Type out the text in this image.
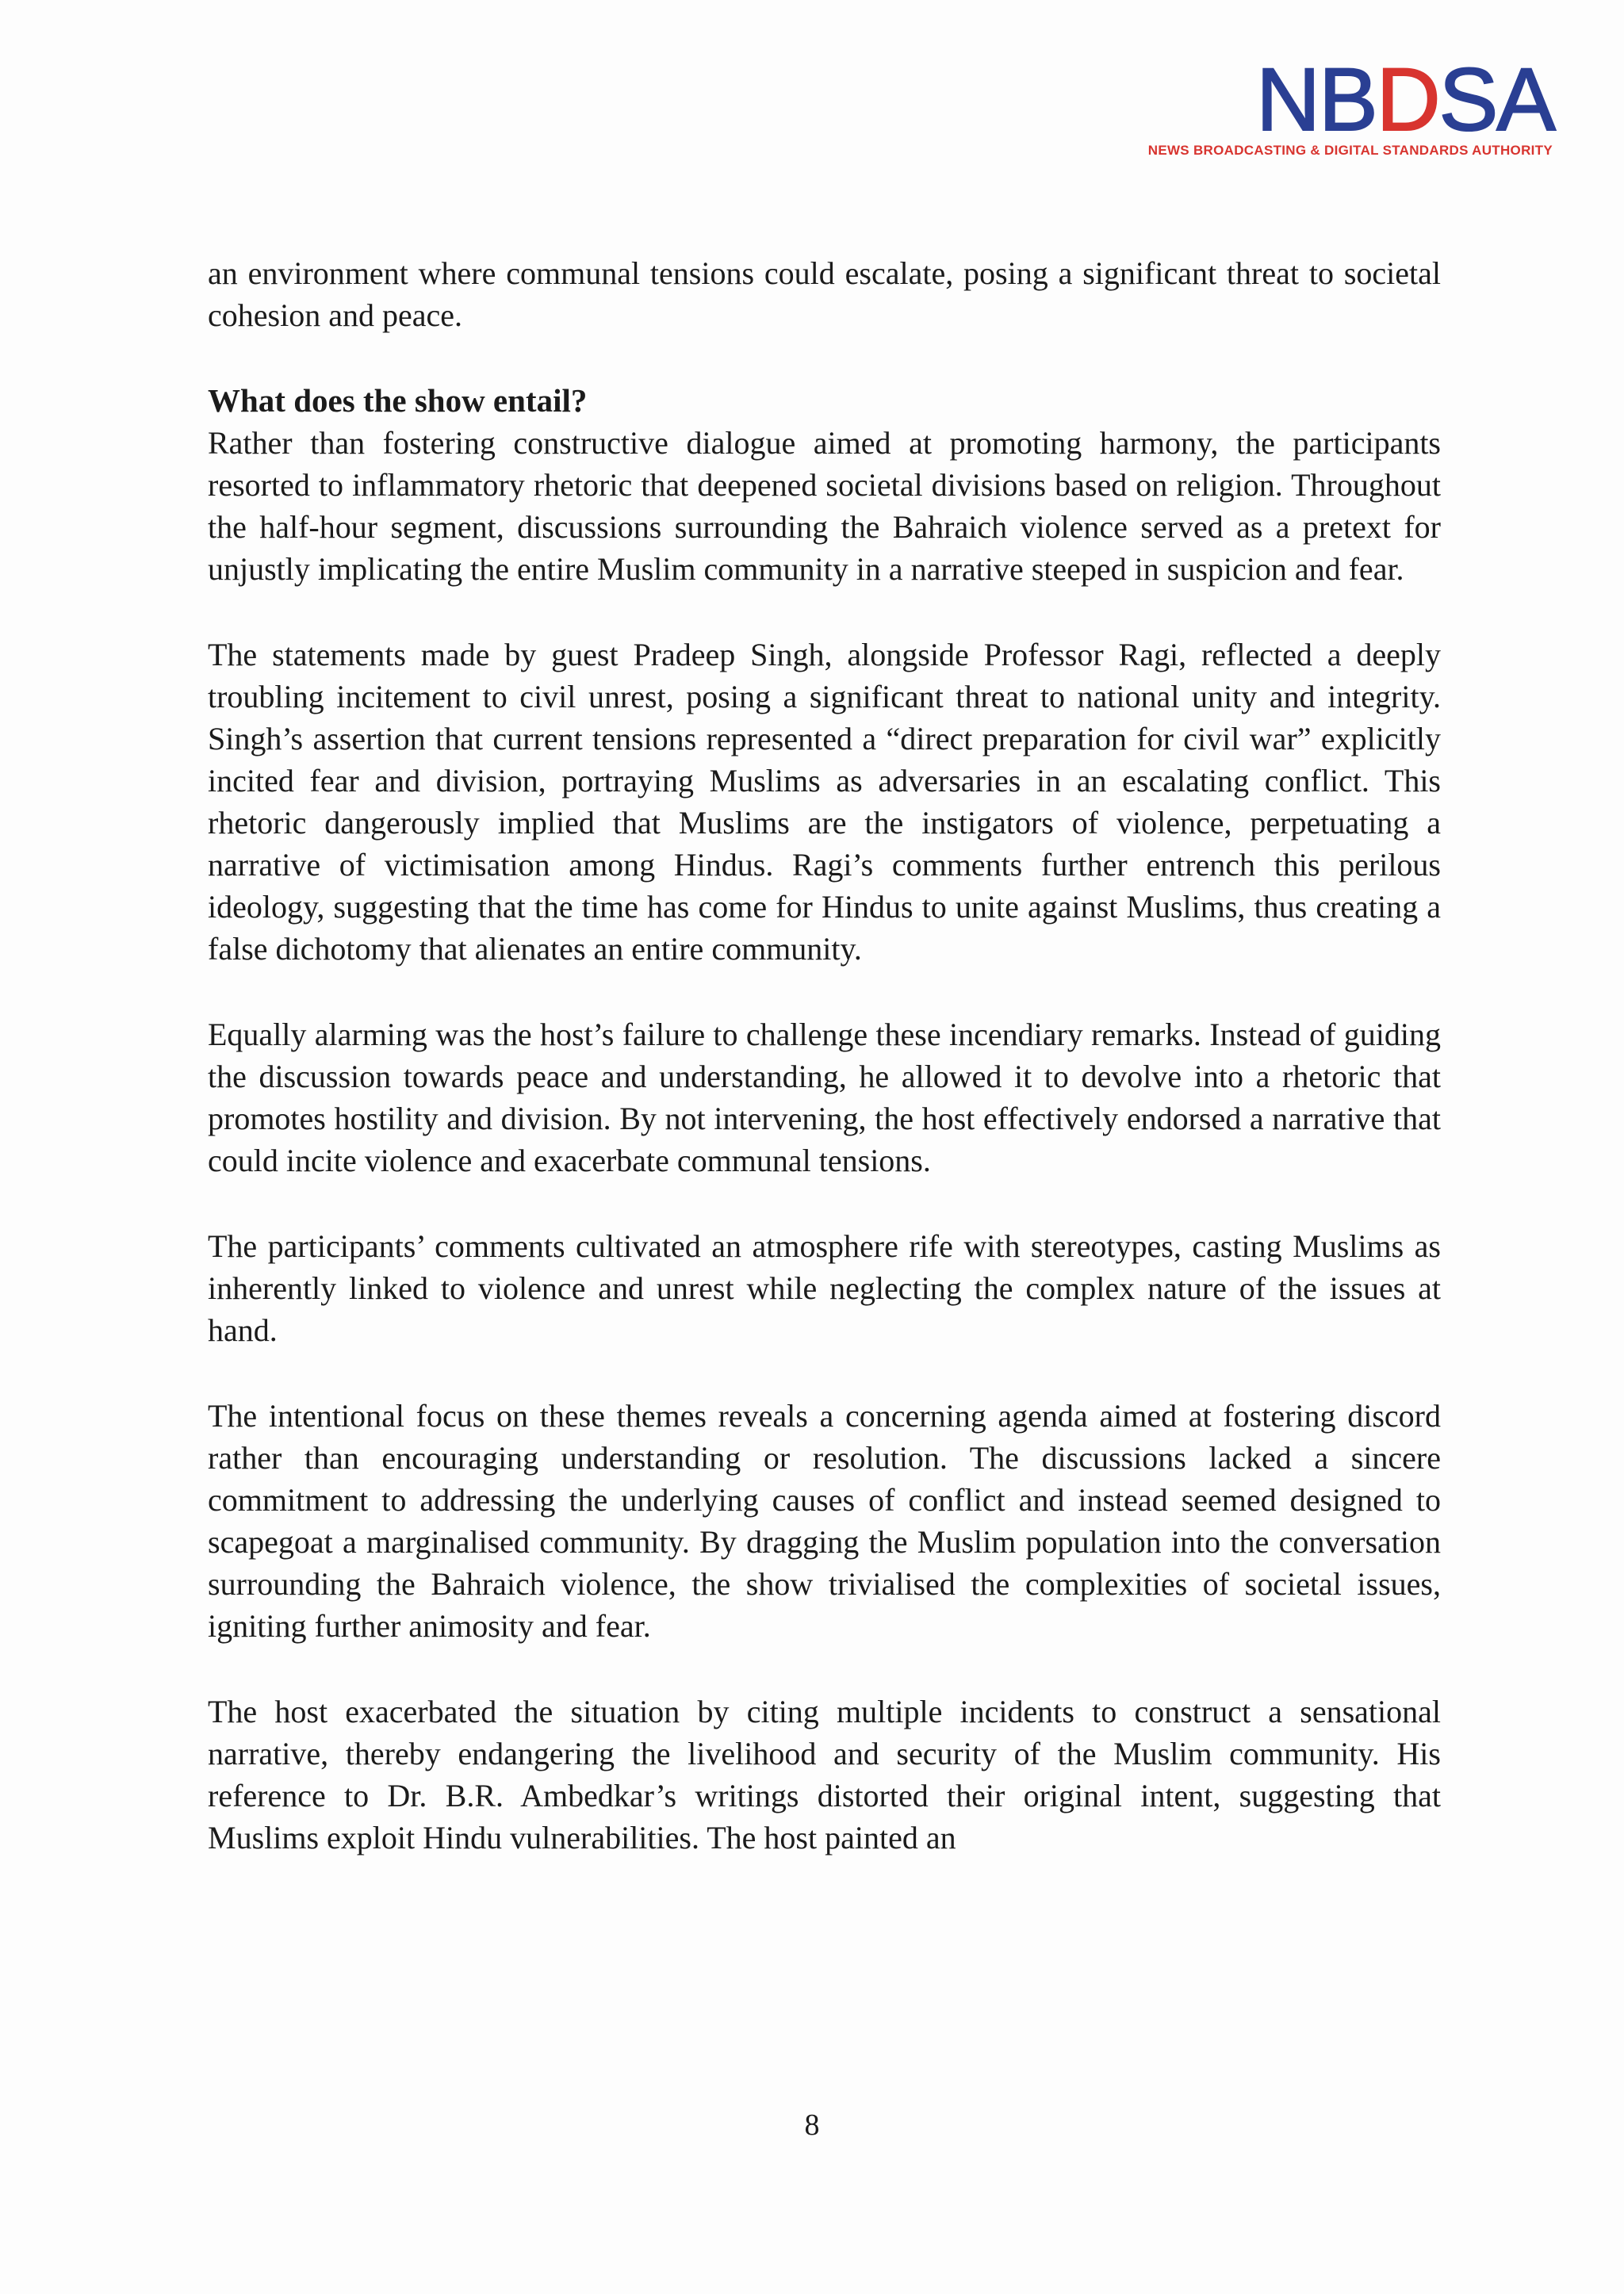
NBDSA
NEWS BROADCASTING & DIGITAL STANDARDS AUTHORITY

an environment where communal tensions could escalate, posing a significant threat to societal cohesion and peace.

What does the show entail?

Rather than fostering constructive dialogue aimed at promoting harmony, the participants resorted to inflammatory rhetoric that deepened societal divisions based on religion. Throughout the half-hour segment, discussions surrounding the Bahraich violence served as a pretext for unjustly implicating the entire Muslim community in a narrative steeped in suspicion and fear.

The statements made by guest Pradeep Singh, alongside Professor Ragi, reflected a deeply troubling incitement to civil unrest, posing a significant threat to national unity and integrity. Singh’s assertion that current tensions represented a “direct preparation for civil war” explicitly incited fear and division, portraying Muslims as adversaries in an escalating conflict. This rhetoric dangerously implied that Muslims are the instigators of violence, perpetuating a narrative of victimisation among Hindus. Ragi’s comments further entrench this perilous ideology, suggesting that the time has come for Hindus to unite against Muslims, thus creating a false dichotomy that alienates an entire community.

Equally alarming was the host’s failure to challenge these incendiary remarks. Instead of guiding the discussion towards peace and understanding, he allowed it to devolve into a rhetoric that promotes hostility and division. By not intervening, the host effectively endorsed a narrative that could incite violence and exacerbate communal tensions.

The participants’ comments cultivated an atmosphere rife with stereotypes, casting Muslims as inherently linked to violence and unrest while neglecting the complex nature of the issues at hand.

The intentional focus on these themes reveals a concerning agenda aimed at fostering discord rather than encouraging understanding or resolution. The discussions lacked a sincere commitment to addressing the underlying causes of conflict and instead seemed designed to scapegoat a marginalised community. By dragging the Muslim population into the conversation surrounding the Bahraich violence, the show trivialised the complexities of societal issues, igniting further animosity and fear.

The host exacerbated the situation by citing multiple incidents to construct a sensational narrative, thereby endangering the livelihood and security of the Muslim community. His reference to Dr. B.R. Ambedkar’s writings distorted their original intent, suggesting that Muslims exploit Hindu vulnerabilities. The host painted an

8
